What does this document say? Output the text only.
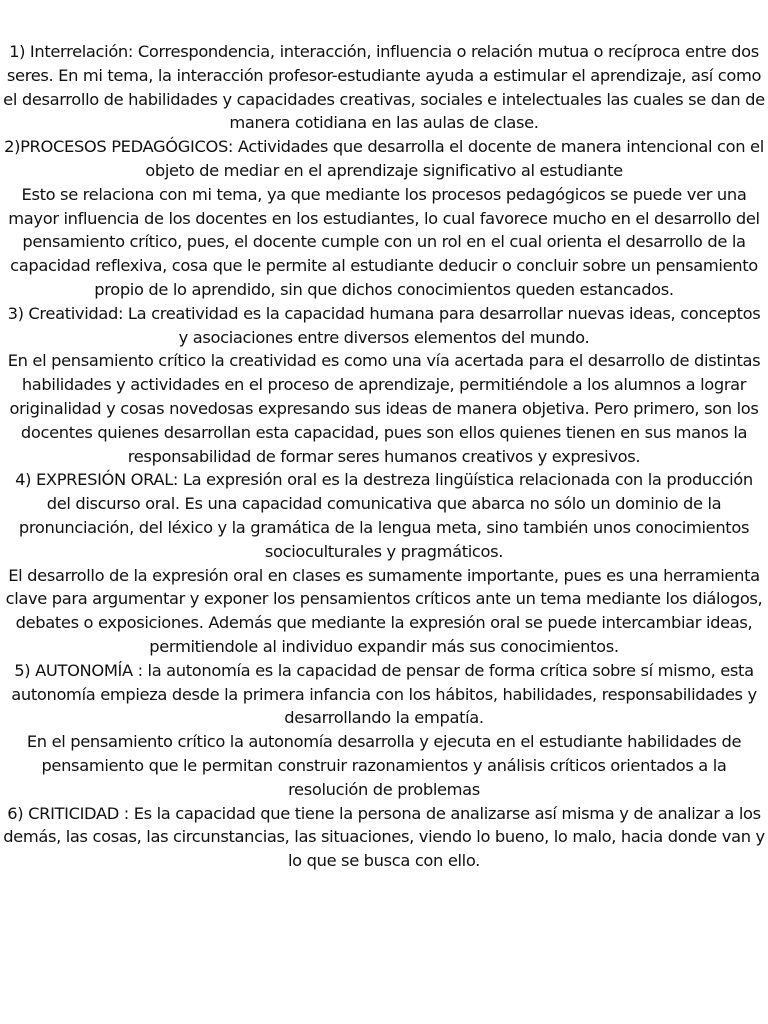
1) Interrelación: Correspondencia, interacción, influencia o relación mutua o recíproca entre dos seres. En mi tema, la interacción profesor-estudiante ayuda a estimular el aprendizaje, así como el desarrollo de habilidades y capacidades creativas, sociales e intelectuales las cuales se dan de manera cotidiana en las aulas de clase.

2)PROCESOS PEDAGÓGICOS: Actividades que desarrolla el docente de manera intencional con el objeto de mediar en el aprendizaje significativo al estudiante

Esto se relaciona con mi tema, ya que mediante los procesos pedagógicos se puede ver una mayor influencia de los docentes en los estudiantes, lo cual favorece mucho en el desarrollo del pensamiento crítico, pues, el docente cumple con un rol en el cual orienta el desarrollo de la capacidad reflexiva, cosa que le permite al estudiante deducir o concluir sobre un pensamiento propio de lo aprendido, sin que dichos conocimientos queden estancados.

3) Creatividad: La creatividad es la capacidad humana para desarrollar nuevas ideas, conceptos y asociaciones entre diversos elementos del mundo.

En el pensamiento crítico la creatividad es como una vía acertada para el desarrollo de distintas habilidades y actividades en el proceso de aprendizaje, permitiéndole a los alumnos a lograr originalidad y cosas novedosas expresando sus ideas de manera objetiva. Pero primero, son los docentes quienes desarrollan esta capacidad, pues son ellos quienes tienen en sus manos la responsabilidad de formar seres humanos creativos y expresivos.

4) EXPRESIÓN ORAL: La expresión oral es la destreza lingüística relacionada con la producción del discurso oral. Es una capacidad comunicativa que abarca no sólo un dominio de la pronunciación, del léxico y la gramática de la lengua meta, sino también unos conocimientos socioculturales y pragmáticos.

El desarrollo de la expresión oral en clases es sumamente importante, pues es una herramienta clave para argumentar y exponer los pensamientos críticos ante un tema mediante los diálogos, debates o exposiciones. Además que mediante la expresión oral se puede intercambiar ideas, permitiendole al individuo expandir más sus conocimientos.

5) AUTONOMÍA : la autonomía es la capacidad de pensar de forma crítica sobre sí mismo, esta autonomía empieza desde la primera infancia con los hábitos, habilidades, responsabilidades y desarrollando la empatía.

En el pensamiento crítico la autonomía desarrolla y ejecuta en el estudiante habilidades de pensamiento que le permitan construir razonamientos y análisis críticos orientados a la resolución de problemas

6) CRITICIDAD : Es la capacidad que tiene la persona de analizarse así misma y de analizar a los demás, las cosas, las circunstancias, las situaciones, viendo lo bueno, lo malo, hacia donde van y lo que se busca con ello.
